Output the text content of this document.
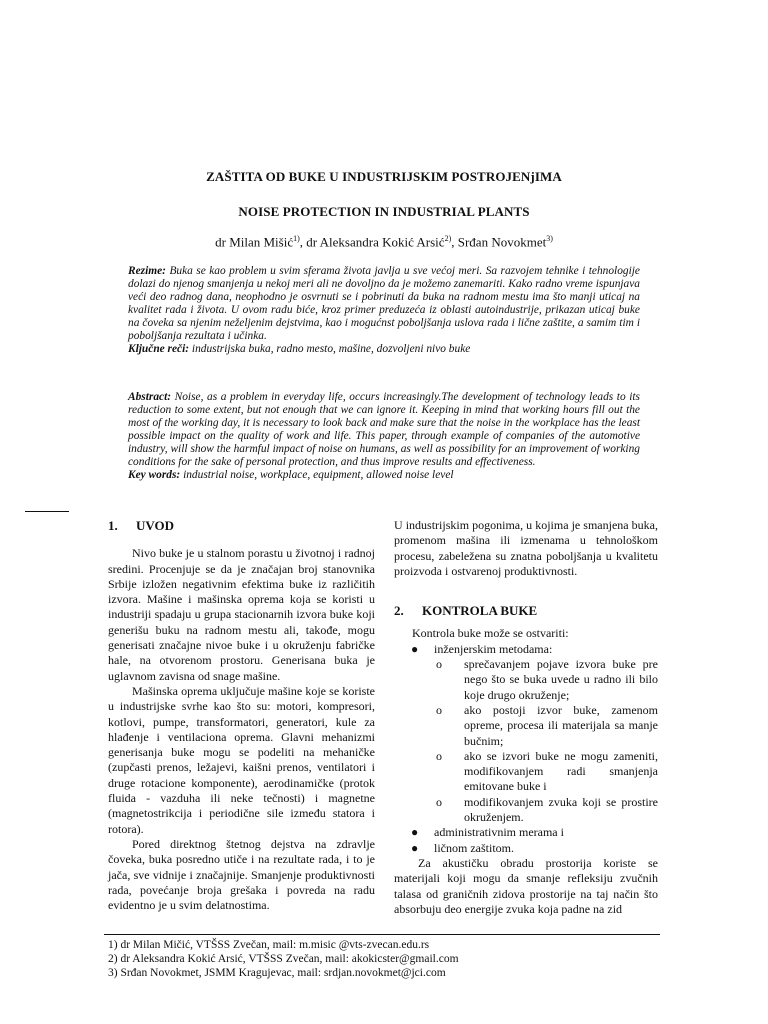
ZAŠTITA OD BUKE U INDUSTRIJSKIM POSTROJENjIMA
NOISE PROTECTION IN INDUSTRIAL PLANTS
dr Milan Mišić$^{1)}$, dr Aleksandra Kokić Arsić$^{2)}$, Srđan Novokmet$^{3)}$
Rezime: Buka se kao problem u svim sferama života javlja u sve većoj meri. Sa razvojem tehnike i tehnologije dolazi do njenog smanjenja u nekoj meri ali ne dovoljno da je možemo zanemariti. Kako radno vreme ispunjava veći deo radnog dana, neophodno je osvrnuti se i pobrinuti da buka na radnom mestu ima što manji uticaj na kvalitet rada i života. U ovom radu biće, kroz primer preduzeća iz oblasti autoindustrije, prikazan uticaj buke na čoveka sa njenim neželjenim dejstvima, kao i mogućnst poboljšanja uslova rada i lične zaštite, a samim tim i poboljšanja rezultata i učinka.
Ključne reči: industrijska buka, radno mesto, mašine, dozvoljeni nivo buke
Abstract: Noise, as a problem in everyday life, occurs increasingly.The development of technology leads to its reduction to some extent, but not enough that we can ignore it. Keeping in mind that working hours fill out the most of the working day, it is necessary to look back and make sure that the noise in the workplace has the least possible impact on the quality of work and life. This paper, through example of companies of the automotive industry, will show the harmful impact of noise on humans, as well as possibility for an improvement of working conditions for the sake of personal protection, and thus improve results and effectiveness.
Key words: industrial noise, workplace, equipment, allowed noise level
1. UVOD

Nivo buke je u stalnom porastu u životnoj i radnoj sredini. Procenjuje se da je značajan broj stanovnika Srbije izložen negativnim efektima buke iz različitih izvora. Mašine i mašinska oprema koja se koristi u industriji spadaju u grupa stacionarnih izvora buke koji generišu buku na radnom mestu ali, takođe, mogu generisati značajne nivoe buke i u okruženju fabričke hale, na otvorenom prostoru. Generisana buka je uglavnom zavisna od snage mašine.

Mašinska oprema uključuje mašine koje se koriste u industrijske svrhe kao što su: motori, kompresori, kotlovi, pumpe, transformatori, generatori, kule za hlađenje i ventilaciona oprema. Glavni mehanizmi generisanja buke mogu se podeliti na mehaničke (zupčasti prenos, ležajevi, kaišni prenos, ventilatori i druge rotacione komponente), aerodinamičke (protok fluida - vazduha ili neke tečnosti) i magnetne (magnetostrikcija i periodične sile između statora i rotora).

Pored direktnog štetnog dejstva na zdravlje čoveka, buka posredno utiče i na rezultate rada, i to je jača, sve vidnije i značajnije. Smanjenje produktivnosti rada, povećanje broja grešaka i povreda na radu evidentno je u svim delatnostima.

U industrijskim pogonima, u kojima je smanjena buka, promenom mašina ili izmenama u tehnološkom procesu, zabeležena su znatna poboljšanja u kvalitetu proizvoda i ostvarenoj produktivnosti.

2. KONTROLA BUKE

Kontrola buke može se ostvariti:

● inženjerskim metodama:
o sprečavanjem pojave izvora buke pre nego što se buka uvede u radno ili bilo koje drugo okruženje;
o ako postoji izvor buke, zamenom opreme, procesa ili materijala sa manje bučnim;
o ako se izvori buke ne mogu zameniti, modifikovanjem radi smanjenja emitovane buke i
o modifikovanjem zvuka koji se prostire okruženjem.
● administrativnim merama i
● ličnom zaštitom.

Za akustičku obradu prostorija koriste se materijali koji mogu da smanje refleksiju zvučnih talasa od graničnih zidova prostorije na taj način što absorbuju deo energije zvuka koja padne na zid

1) dr Milan Mičić, VTŠSS Zvečan, mail: m.misic @vts-zvecan.edu.rs
2) dr Aleksandra Kokić Arsić, VTŠSS Zvečan, mail: akokicster@gmail.com
3) Srđan Novokmet, JSMM Kragujevac, mail: srdjan.novokmet@jci.com
